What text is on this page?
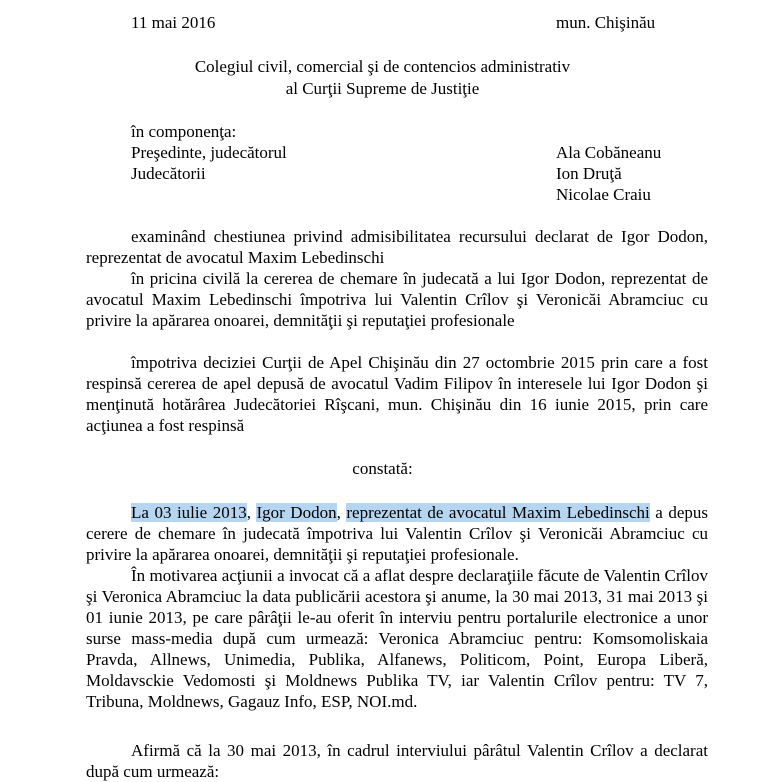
11 mai 2016	mun. Chişinău
Colegiul civil, comercial şi de contencios administrativ
al Curţii Supreme de Justiţie
în componenţa:
Preşedinte, judecătorul	Ala Cobăneanu
Judecătorii	Ion Druţă
Nicolae Craiu
examinând chestiunea privind admisibilitatea recursului declarat de Igor Dodon, reprezentat de avocatul Maxim Lebedinschi
în pricina civilă la cererea de chemare în judecată a lui Igor Dodon, reprezentat de avocatul Maxim Lebedinschi împotriva lui Valentin Crîlov şi Veronicăi Abramciuc cu privire la apărarea onoarei, demnităţii şi reputaţiei profesionale
împotriva deciziei Curţii de Apel Chişinău din 27 octombrie 2015 prin care a fost respinsă cererea de apel depusă de avocatul Vadim Filipov în interesele lui Igor Dodon şi menţinută hotărârea Judecătoriei Rîşcani, mun. Chişinău din 16 iunie 2015, prin care acţiunea a fost respinsă
constată:
La 03 iulie 2013, Igor Dodon, reprezentat de avocatul Maxim Lebedinschi a depus cerere de chemare în judecată împotriva lui Valentin Crîlov şi Veronicăi Abramciuc cu privire la apărarea onoarei, demnităţii şi reputaţiei profesionale.
În motivarea acţiunii a invocat că a aflat despre declaraţiile făcute de Valentin Crîlov şi Veronica Abramciuc la data publicării acestora şi anume, la 30 mai 2013, 31 mai 2013 şi 01 iunie 2013, pe care pârâţii le-au oferit în interviu pentru portalurile electronice a unor surse mass-media după cum urmează: Veronica Abramciuc pentru: Komsomoliskaia Pravda, Allnews, Unimedia, Publika, Alfanews, Politicom, Point, Europa Liberă, Moldavsckie Vedomosti şi Moldnews Publika TV, iar Valentin Crîlov pentru: TV 7, Tribuna, Moldnews, Gagauz Info, ESP, NOI.md.
Afirmă că la 30 mai 2013, în cadrul interviului pârâtul Valentin Crîlov a declarat după cum urmează:
